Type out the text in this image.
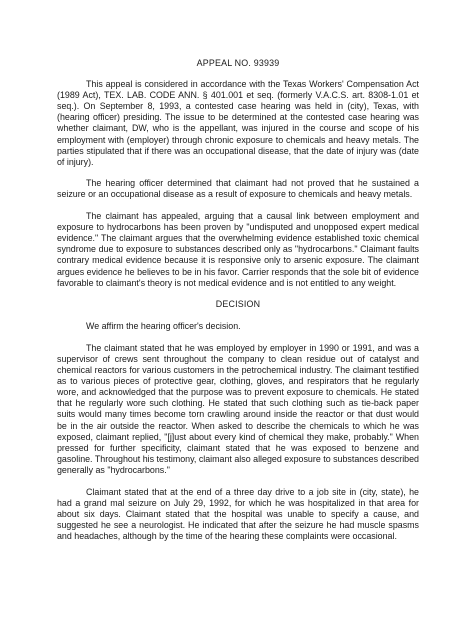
APPEAL NO. 93939

This appeal is considered in accordance with the Texas Workers' Compensation Act (1989 Act), TEX. LAB. CODE ANN. § 401.001 et seq. (formerly V.A.C.S. art. 8308-1.01 et seq.). On September 8, 1993, a contested case hearing was held in (city), Texas, with (hearing officer) presiding. The issue to be determined at the contested case hearing was whether claimant, DW, who is the appellant, was injured in the course and scope of his employment with (employer) through chronic exposure to chemicals and heavy metals. The parties stipulated that if there was an occupational disease, that the date of injury was (date of injury).

The hearing officer determined that claimant had not proved that he sustained a seizure or an occupational disease as a result of exposure to chemicals and heavy metals.

The claimant has appealed, arguing that a causal link between employment and exposure to hydrocarbons has been proven by "undisputed and unopposed expert medical evidence." The claimant argues that the overwhelming evidence established toxic chemical syndrome due to exposure to substances described only as "hydrocarbons." Claimant faults contrary medical evidence because it is responsive only to arsenic exposure. The claimant argues evidence he believes to be in his favor. Carrier responds that the sole bit of evidence favorable to claimant's theory is not medical evidence and is not entitled to any weight.

DECISION

We affirm the hearing officer's decision.

The claimant stated that he was employed by employer in 1990 or 1991, and was a supervisor of crews sent throughout the company to clean residue out of catalyst and chemical reactors for various customers in the petrochemical industry. The claimant testified as to various pieces of protective gear, clothing, gloves, and respirators that he regularly wore, and acknowledged that the purpose was to prevent exposure to chemicals. He stated that he regularly wore such clothing. He stated that such clothing such as tie-back paper suits would many times become torn crawling around inside the reactor or that dust would be in the air outside the reactor. When asked to describe the chemicals to which he was exposed, claimant replied, "[j]ust about every kind of chemical they make, probably." When pressed for further specificity, claimant stated that he was exposed to benzene and gasoline. Throughout his testimony, claimant also alleged exposure to substances described generally as "hydrocarbons."

Claimant stated that at the end of a three day drive to a job site in (city, state), he had a grand mal seizure on July 29, 1992, for which he was hospitalized in that area for about six days. Claimant stated that the hospital was unable to specify a cause, and suggested he see a neurologist. He indicated that after the seizure he had muscle spasms and headaches, although by the time of the hearing these complaints were occasional.
